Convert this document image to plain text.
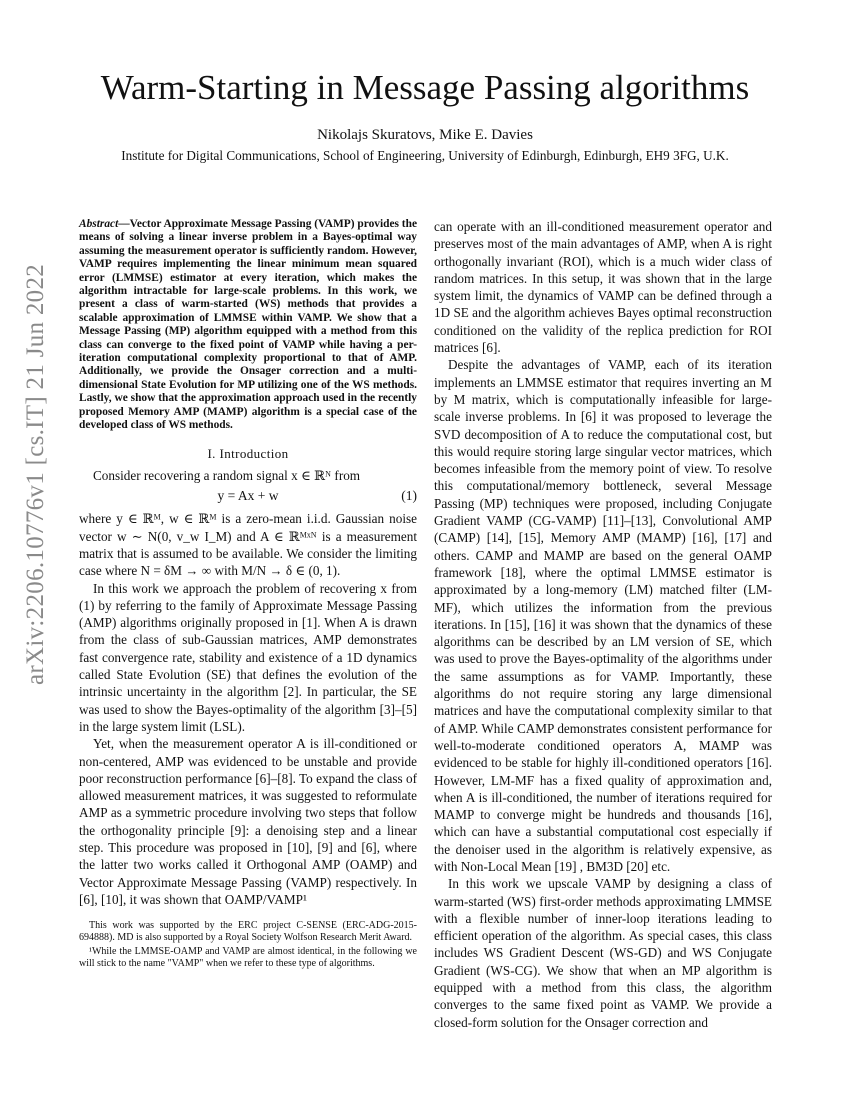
arXiv:2206.10776v1 [cs.IT] 21 Jun 2022
Warm-Starting in Message Passing algorithms
Nikolajs Skuratovs, Mike E. Davies
Institute for Digital Communications, School of Engineering, University of Edinburgh, Edinburgh, EH9 3FG, U.K.
Abstract—Vector Approximate Message Passing (VAMP) provides the means of solving a linear inverse problem in a Bayes-optimal way assuming the measurement operator is sufficiently random. However, VAMP requires implementing the linear minimum mean squared error (LMMSE) estimator at every iteration, which makes the algorithm intractable for large-scale problems. In this work, we present a class of warm-started (WS) methods that provides a scalable approximation of LMMSE within VAMP. We show that a Message Passing (MP) algorithm equipped with a method from this class can converge to the fixed point of VAMP while having a per-iteration computational complexity proportional to that of AMP. Additionally, we provide the Onsager correction and a multi-dimensional State Evolution for MP utilizing one of the WS methods. Lastly, we show that the approximation approach used in the recently proposed Memory AMP (MAMP) algorithm is a special case of the developed class of WS methods.
I. Introduction

Consider recovering a random signal x ∈ ℝᴺ from

y = Ax + w	(1)

where y ∈ ℝᴹ, w ∈ ℝᴹ is a zero-mean i.i.d. Gaussian noise vector w ∼ N(0, v_w I_M) and A ∈ ℝᴹˣᴺ is a measurement matrix that is assumed to be available. We consider the limiting case where N = δM → ∞ with M/N → δ ∈ (0, 1).

In this work we approach the problem of recovering x from (1) by referring to the family of Approximate Message Passing (AMP) algorithms originally proposed in [1]. When A is drawn from the class of sub-Gaussian matrices, AMP demonstrates fast convergence rate, stability and existence of a 1D dynamics called State Evolution (SE) that defines the evolution of the intrinsic uncertainty in the algorithm [2]. In particular, the SE was used to show the Bayes-optimality of the algorithm [3]–[5] in the large system limit (LSL).

Yet, when the measurement operator A is ill-conditioned or non-centered, AMP was evidenced to be unstable and provide poor reconstruction performance [6]–[8]. To expand the class of allowed measurement matrices, it was suggested to reformulate AMP as a symmetric procedure involving two steps that follow the orthogonality principle [9]: a denoising step and a linear step. This procedure was proposed in [10], [9] and [6], where the latter two works called it Orthogonal AMP (OAMP) and Vector Approximate Message Passing (VAMP) respectively. In [6], [10], it was shown that OAMP/VAMP¹

This work was supported by the ERC project C-SENSE (ERC-ADG-2015-694888). MD is also supported by a Royal Society Wolfson Research Merit Award.
¹While the LMMSE-OAMP and VAMP are almost identical, in the following we will stick to the name "VAMP" when we refer to these type of algorithms.

can operate with an ill-conditioned measurement operator and preserves most of the main advantages of AMP, when A is right orthogonally invariant (ROI), which is a much wider class of random matrices. In this setup, it was shown that in the large system limit, the dynamics of VAMP can be defined through a 1D SE and the algorithm achieves Bayes optimal reconstruction conditioned on the validity of the replica prediction for ROI matrices [6].

Despite the advantages of VAMP, each of its iteration implements an LMMSE estimator that requires inverting an M by M matrix, which is computationally infeasible for large-scale inverse problems. In [6] it was proposed to leverage the SVD decomposition of A to reduce the computational cost, but this would require storing large singular vector matrices, which becomes infeasible from the memory point of view. To resolve this computational/memory bottleneck, several Message Passing (MP) techniques were proposed, including Conjugate Gradient VAMP (CG-VAMP) [11]–[13], Convolutional AMP (CAMP) [14], [15], Memory AMP (MAMP) [16], [17] and others. CAMP and MAMP are based on the general OAMP framework [18], where the optimal LMMSE estimator is approximated by a long-memory (LM) matched filter (LM-MF), which utilizes the information from the previous iterations. In [15], [16] it was shown that the dynamics of these algorithms can be described by an LM version of SE, which was used to prove the Bayes-optimality of the algorithms under the same assumptions as for VAMP. Importantly, these algorithms do not require storing any large dimensional matrices and have the computational complexity similar to that of AMP. While CAMP demonstrates consistent performance for well-to-moderate conditioned operators A, MAMP was evidenced to be stable for highly ill-conditioned operators [16]. However, LM-MF has a fixed quality of approximation and, when A is ill-conditioned, the number of iterations required for MAMP to converge might be hundreds and thousands [16], which can have a substantial computational cost especially if the denoiser used in the algorithm is relatively expensive, as with Non-Local Mean [19] , BM3D [20] etc.

In this work we upscale VAMP by designing a class of warm-started (WS) first-order methods approximating LMMSE with a flexible number of inner-loop iterations leading to efficient operation of the algorithm. As special cases, this class includes WS Gradient Descent (WS-GD) and WS Conjugate Gradient (WS-CG). We show that when an MP algorithm is equipped with a method from this class, the algorithm converges to the same fixed point as VAMP. We provide a closed-form solution for the Onsager correction and
